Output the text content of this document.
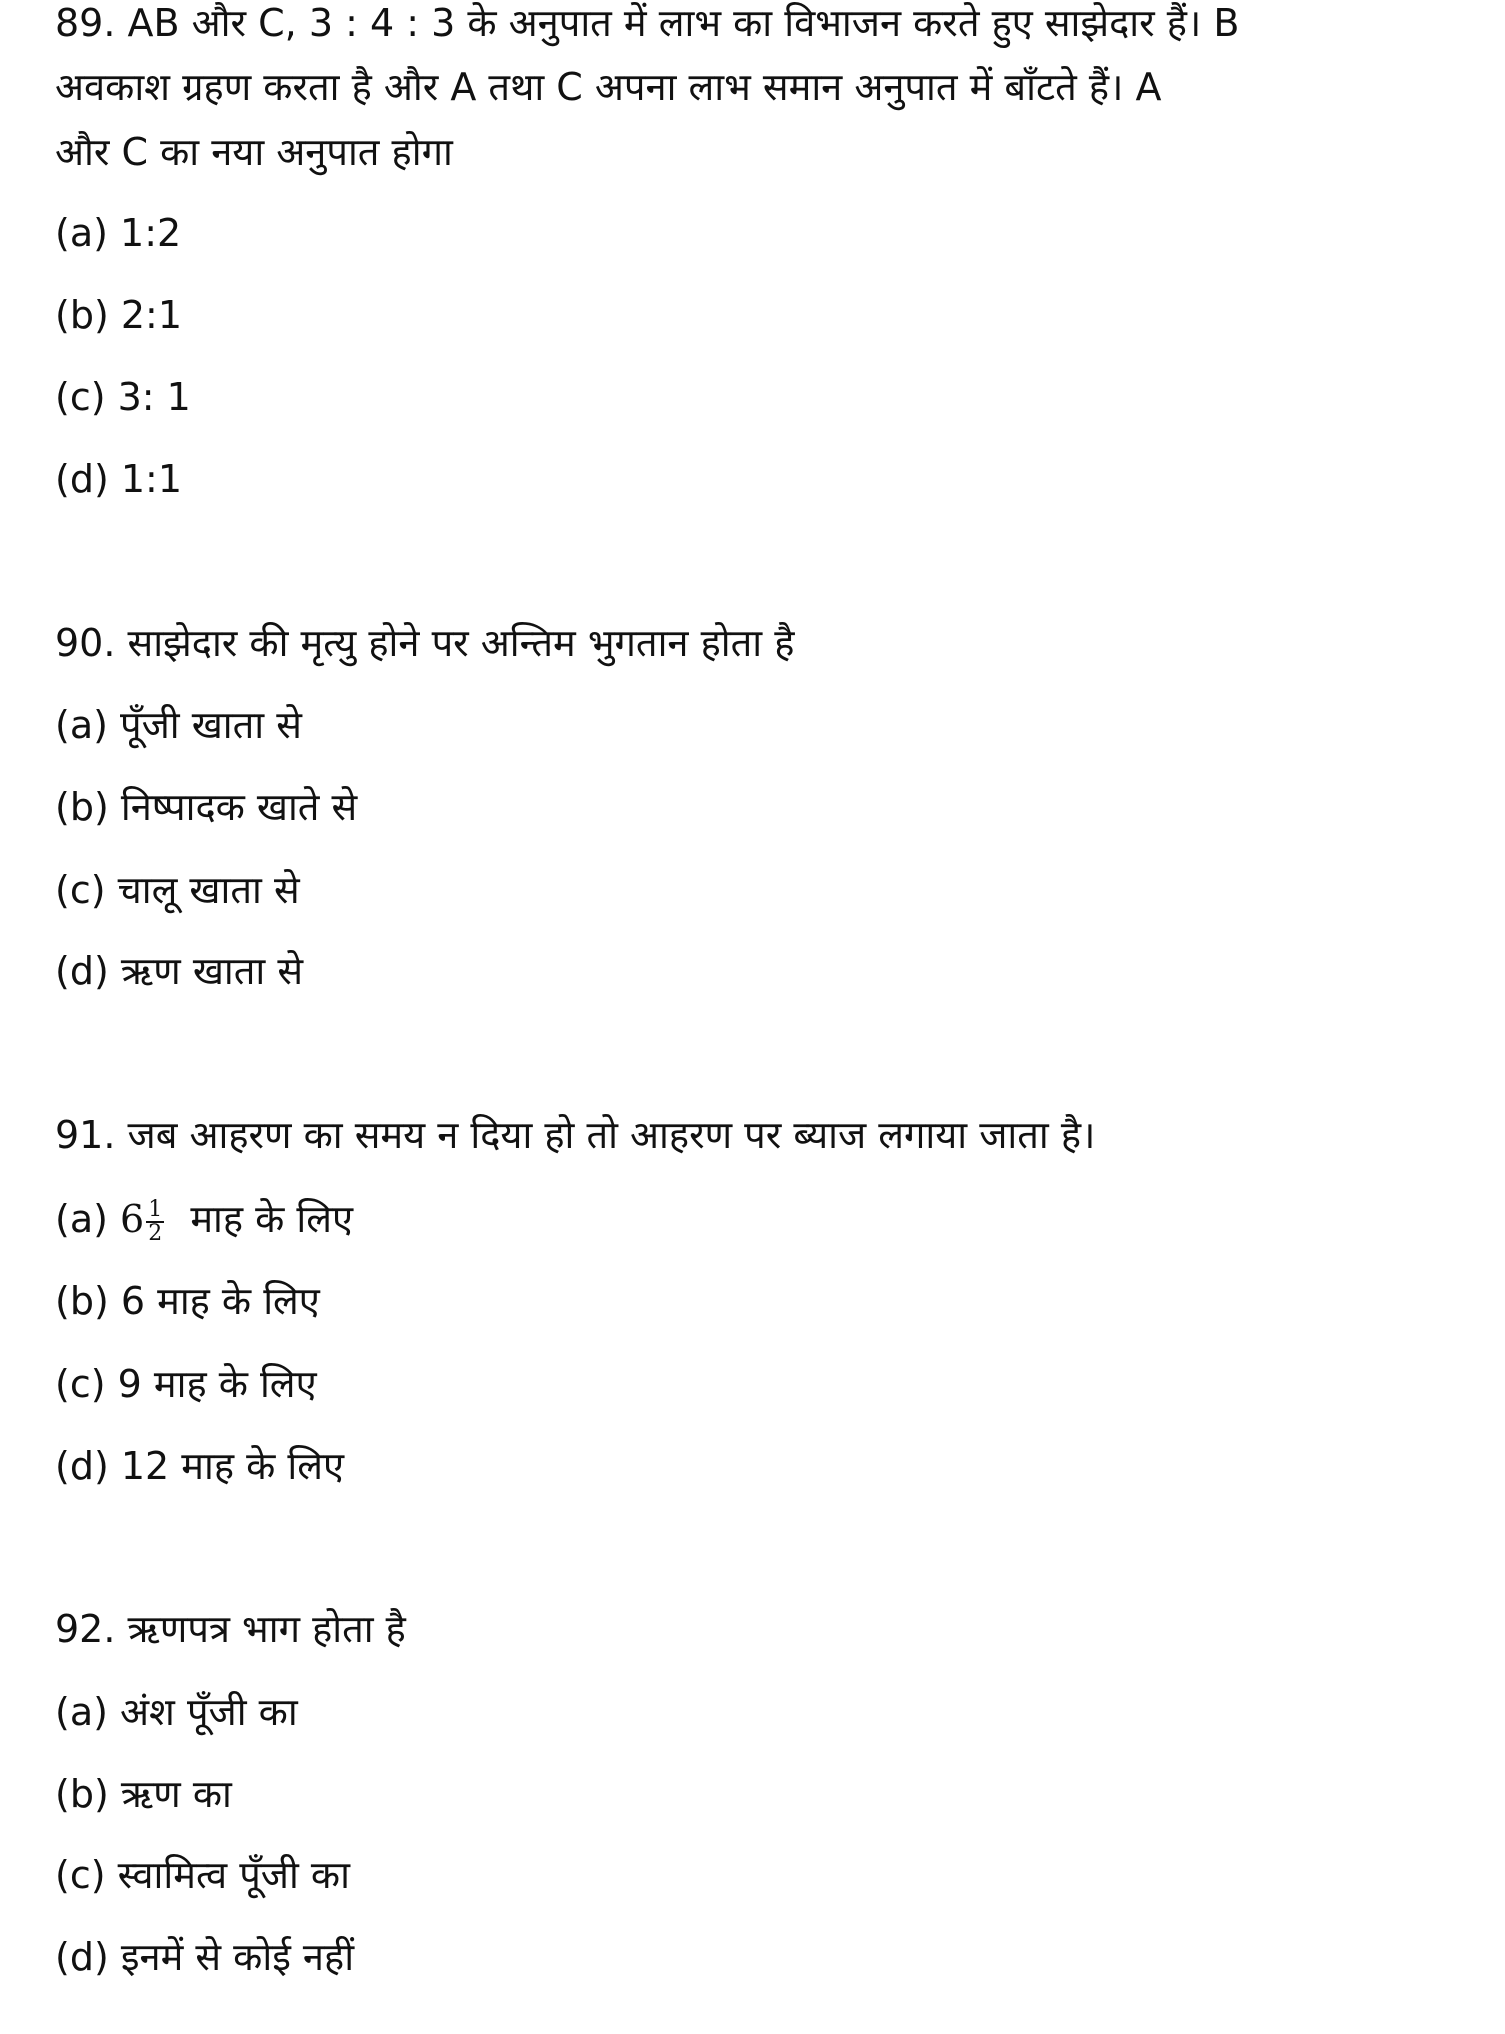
89. AB और C, 3 : 4 : 3 के अनुपात में लाभ का विभाजन करते हुए साझेदार हैं। B
अवकाश ग्रहण करता है और A तथा C अपना लाभ समान अनुपात में बाँटते हैं। A
और C का नया अनुपात होगा
(a) 1:2
(b) 2:1
(c) 3: 1
(d) 1:1
90. साझेदार की मृत्यु होने पर अन्तिम भुगतान होता है
(a) पूँजी खाता से
(b) निष्पादक खाते से
(c) चालू खाता से
(d) ऋण खाता से
91. जब आहरण का समय न दिया हो तो आहरण पर ब्याज लगाया जाता है।
(a) $6 \frac{1}{2}$ माह के लिए
(b) 6 माह के लिए
(c) 9 माह के लिए
(d) 12 माह के लिए
92. ऋणपत्र भाग होता है
(a) अंश पूँजी का
(b) ऋण का
(c) स्वामित्व पूँजी का
(d) इनमें से कोई नहीं
